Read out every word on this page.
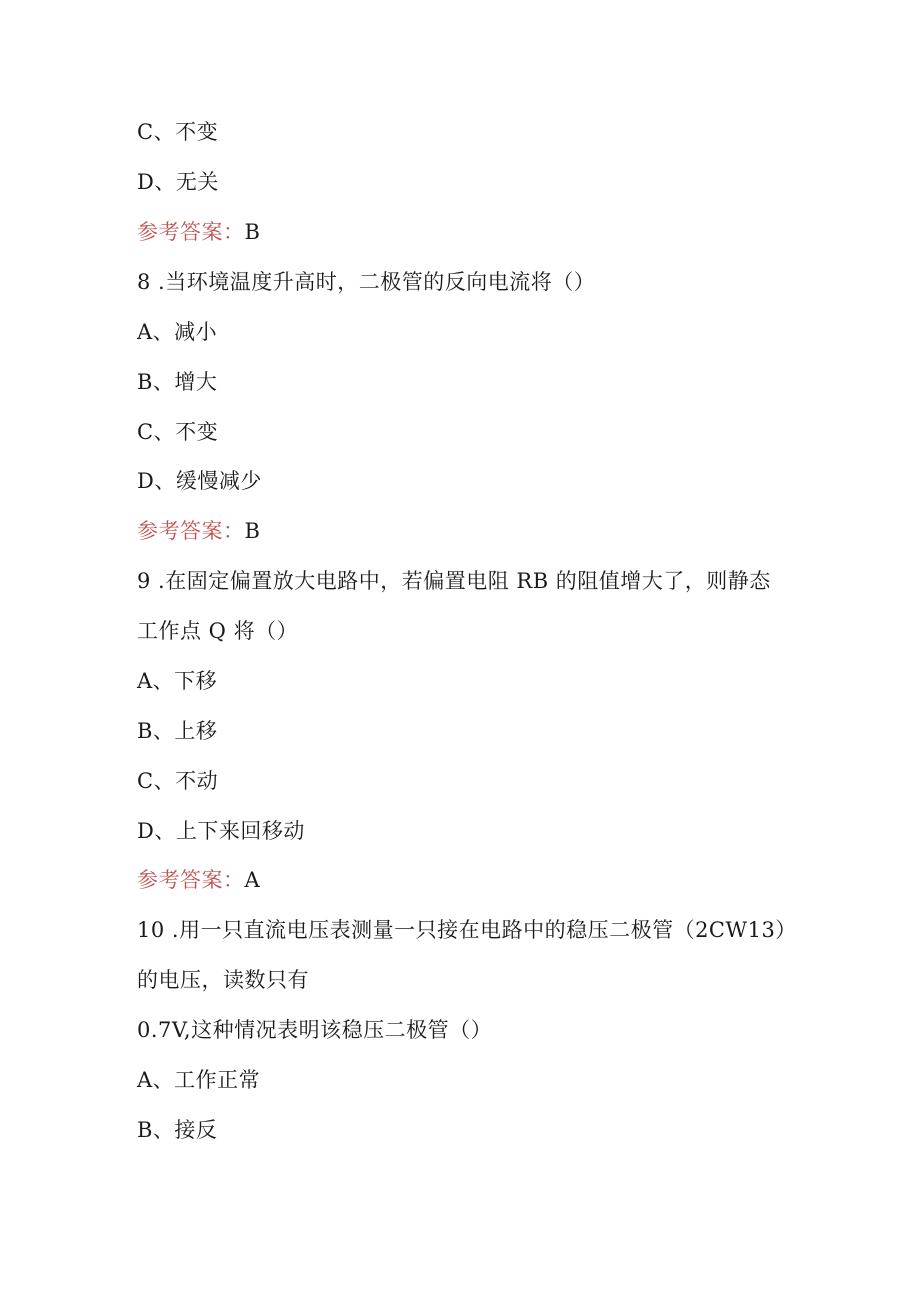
C、不变
D、无关
参考答案：B
8 .当环境温度升高时，二极管的反向电流将（）
A、减小
B、增大
C、不变
D、缓慢减少
参考答案：B
9 .在固定偏置放大电路中，若偏置电阻 RB 的阻值增大了，则静态
工作点 Q 将（）
A、下移
B、上移
C、不动
D、上下来回移动
参考答案：A
10 .用一只直流电压表测量一只接在电路中的稳压二极管（2CW13）
的电压，读数只有
0.7V,这种情况表明该稳压二极管（）
A、工作正常
B、接反
